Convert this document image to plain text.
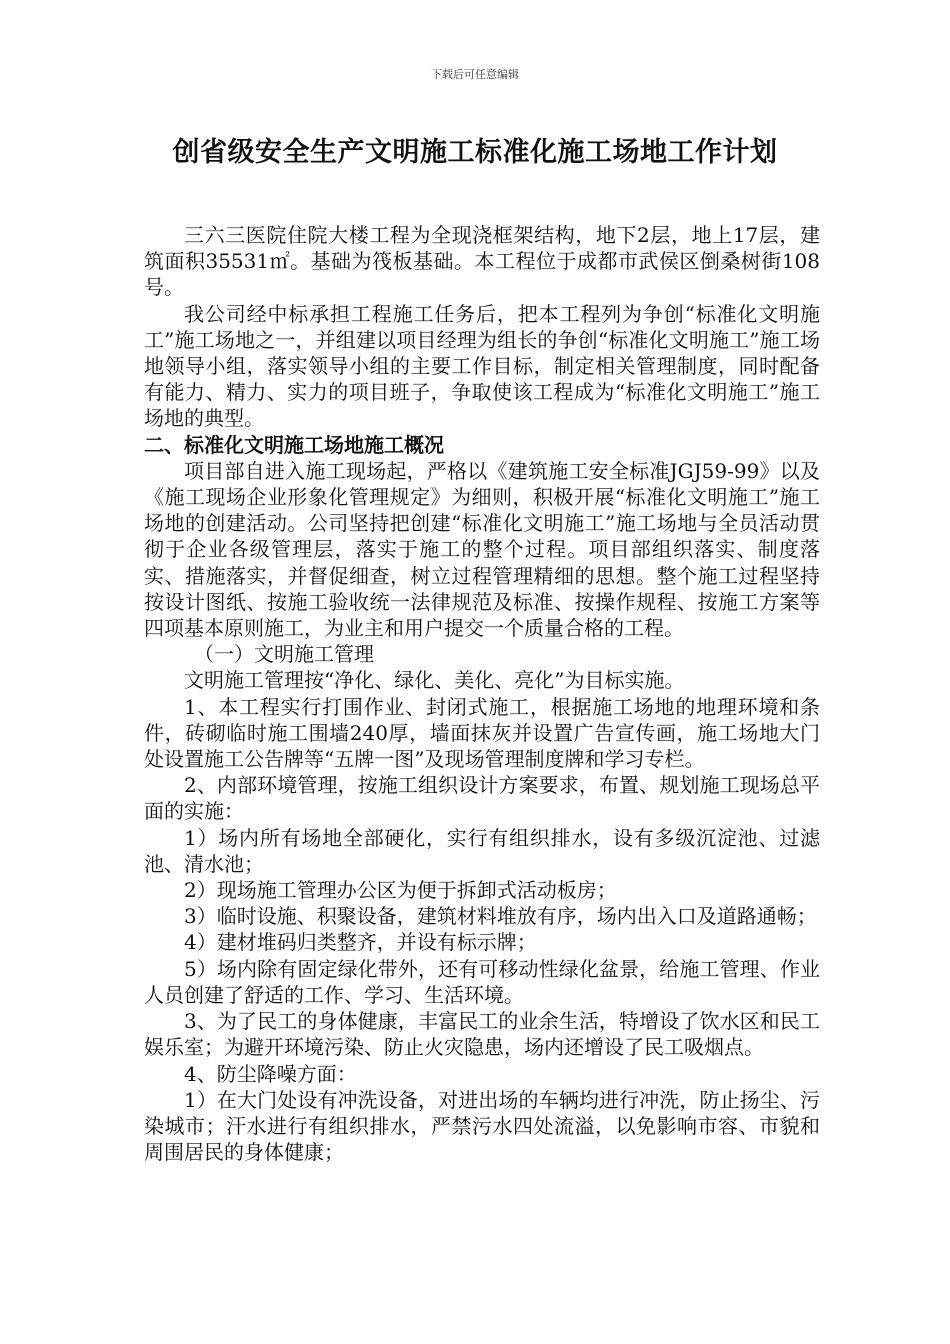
下载后可任意编辑
创省级安全生产文明施工标准化施工场地工作计划

三六三医院住院大楼工程为全现浇框架结构，地下2层，地上17层，建筑面积35531㎡。基础为筏板基础。本工程位于成都市武侯区倒桑树街108号。

我公司经中标承担工程施工任务后，把本工程列为争创“标准化文明施工”施工场地之一，并组建以项目经理为组长的争创“标准化文明施工”施工场地领导小组，落实领导小组的主要工作目标，制定相关管理制度，同时配备有能力、精力、实力的项目班子，争取使该工程成为“标准化文明施工”施工场地的典型。

二、标准化文明施工场地施工概况

项目部自进入施工现场起，严格以《建筑施工安全标准JGJ59-99》以及《施工现场企业形象化管理规定》为细则，积极开展“标准化文明施工”施工场地的创建活动。公司坚持把创建“标准化文明施工”施工场地与全员活动贯彻于企业各级管理层，落实于施工的整个过程。项目部组织落实、制度落实、措施落实，并督促细查，树立过程管理精细的思想。整个施工过程坚持按设计图纸、按施工验收统一法律规范及标准、按操作规程、按施工方案等四项基本原则施工，为业主和用户提交一个质量合格的工程。

（一）文明施工管理

文明施工管理按“净化、绿化、美化、亮化”为目标实施。

1、本工程实行打围作业、封闭式施工，根据施工场地的地理环境和条件，砖砌临时施工围墙240厚，墙面抹灰并设置广告宣传画，施工场地大门处设置施工公告牌等“五牌一图”及现场管理制度牌和学习专栏。

2、内部环境管理，按施工组织设计方案要求，布置、规划施工现场总平面的实施：

1）场内所有场地全部硬化，实行有组织排水，设有多级沉淀池、过滤池、清水池；

2）现场施工管理办公区为便于拆卸式活动板房；

3）临时设施、积聚设备，建筑材料堆放有序，场内出入口及道路通畅；

4）建材堆码归类整齐，并设有标示牌；

5）场内除有固定绿化带外，还有可移动性绿化盆景，给施工管理、作业人员创建了舒适的工作、学习、生活环境。

3、为了民工的身体健康，丰富民工的业余生活，特增设了饮水区和民工娱乐室；为避开环境污染、防止火灾隐患，场内还增设了民工吸烟点。

4、防尘降噪方面：

1）在大门处设有冲洗设备，对进出场的车辆均进行冲洗，防止扬尘、污染城市；汗水进行有组织排水，严禁污水四处流溢，以免影响市容、市貌和周围居民的身体健康；
